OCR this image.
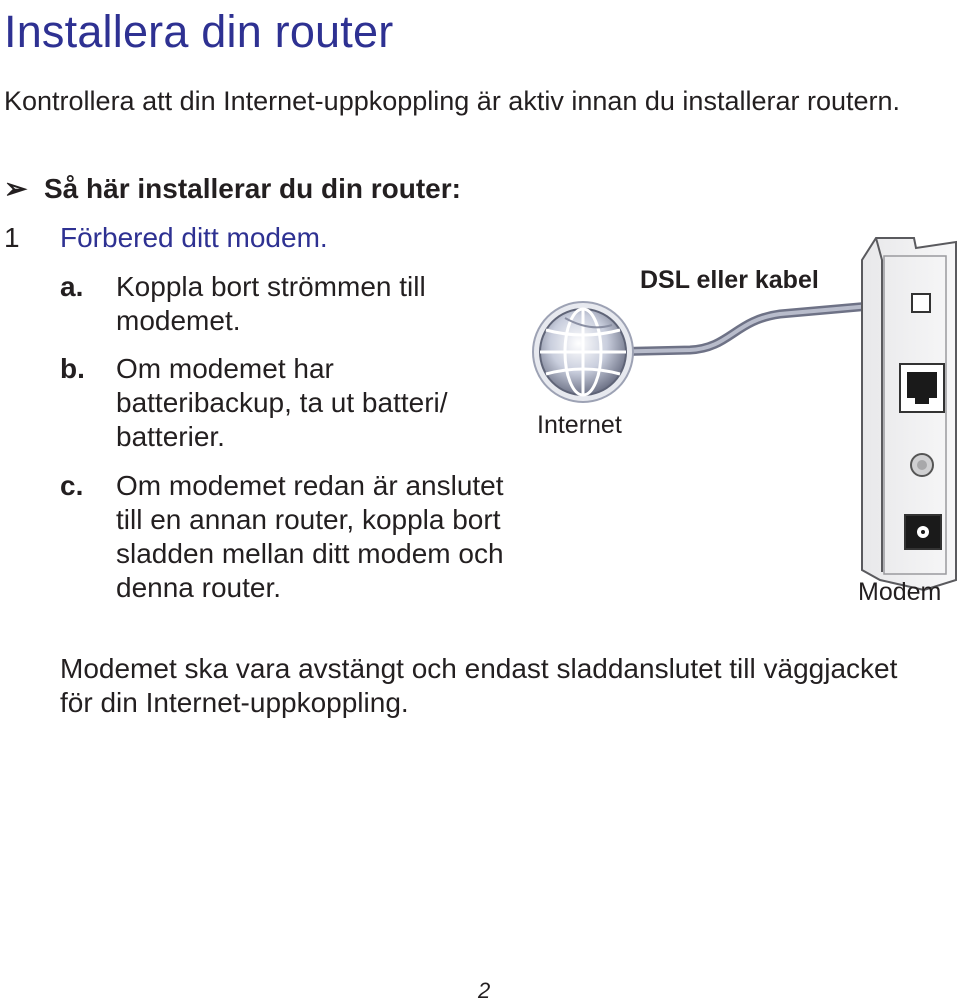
Installera din router
Kontrollera att din Internet-uppkoppling är aktiv innan du installerar routern.
➢ Så här installerar du din router:
1 Förbered ditt modem.
a. Koppla bort strömmen till modemet.
b. Om modemet har batteribackup, ta ut batteri/ batterier.
c. Om modemet redan är anslutet till en annan router, koppla bort sladden mellan ditt modem och denna router.
Modemet ska vara avstängt och endast sladdanslutet till väggjacket för din Internet-uppkoppling.
DSL eller kabel
Internet
Modem
2
